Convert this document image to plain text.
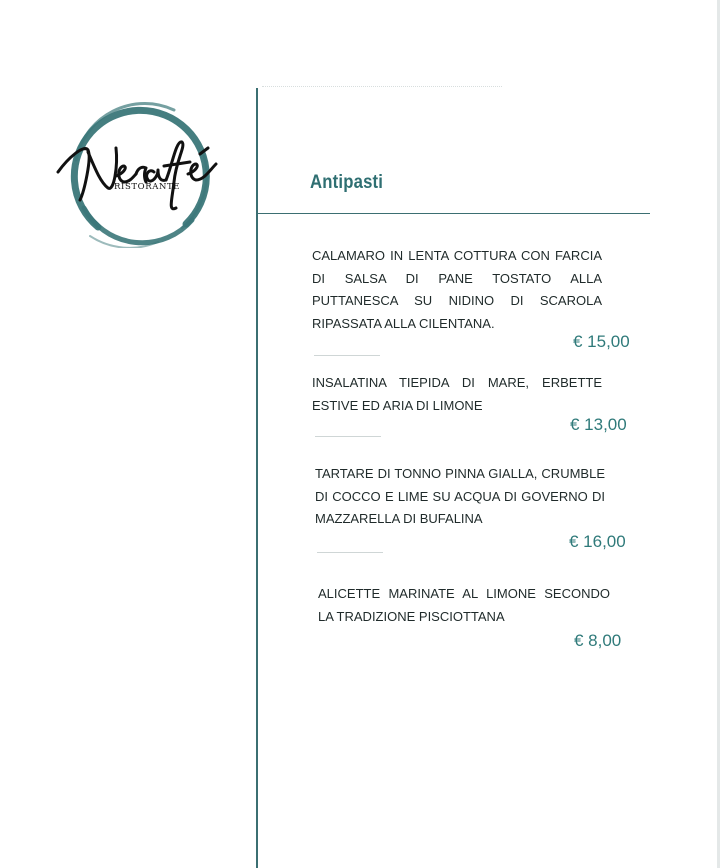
RISTORANTE	Antipasti
CALAMARO IN LENTA COTTURA CON FARCIA DI SALSA DI PANE TOSTATO ALLA PUTTANESCA SU NIDINO DI SCAROLA RIPASSATA ALLA CILENTANA.
€ 15,00
INSALATINA TIEPIDA DI MARE, ERBETTE ESTIVE ED ARIA DI LIMONE
€ 13,00
TARTARE DI TONNO PINNA GIALLA, CRUMBLE DI COCCO E LIME SU ACQUA DI GOVERNO DI MAZZARELLA DI BUFALINA
€ 16,00
ALICETTE MARINATE AL LIMONE SECONDO LA TRADIZIONE PISCIOTTANA
€ 8,00
